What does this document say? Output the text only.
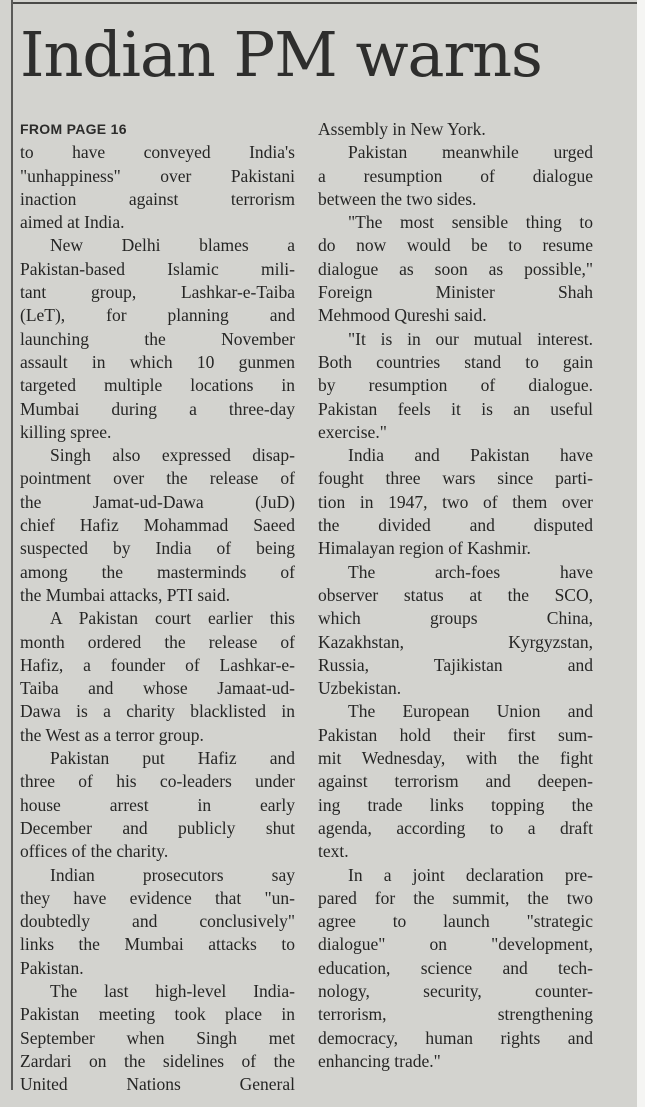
Indian PM warns
FROM PAGE 16
to have conveyed India's
"unhappiness" over Pakistani
inaction against terrorism
aimed at India.
New Delhi blames a
Pakistan-based Islamic mili-
tant group, Lashkar-e-Taiba
(LeT), for planning and
launching the November
assault in which 10 gunmen
targeted multiple locations in
Mumbai during a three-day
killing spree.
Singh also expressed disap-
pointment over the release of
the Jamat-ud-Dawa (JuD)
chief Hafiz Mohammad Saeed
suspected by India of being
among the masterminds of
the Mumbai attacks, PTI said.
A Pakistan court earlier this
month ordered the release of
Hafiz, a founder of Lashkar-e-
Taiba and whose Jamaat-ud-
Dawa is a charity blacklisted in
the West as a terror group.
Pakistan put Hafiz and
three of his co-leaders under
house arrest in early
December and publicly shut
offices of the charity.
Indian prosecutors say
they have evidence that "un-
doubtedly and conclusively"
links the Mumbai attacks to
Pakistan.
The last high-level India-
Pakistan meeting took place in
September when Singh met
Zardari on the sidelines of the
United Nations General
Assembly in New York.
Pakistan meanwhile urged
a resumption of dialogue
between the two sides.
"The most sensible thing to
do now would be to resume
dialogue as soon as possible,"
Foreign Minister Shah
Mehmood Qureshi said.
"It is in our mutual interest.
Both countries stand to gain
by resumption of dialogue.
Pakistan feels it is an useful
exercise."
India and Pakistan have
fought three wars since parti-
tion in 1947, two of them over
the divided and disputed
Himalayan region of Kashmir.
The arch-foes have
observer status at the SCO,
which groups China,
Kazakhstan, Kyrgyzstan,
Russia, Tajikistan and
Uzbekistan.
The European Union and
Pakistan hold their first sum-
mit Wednesday, with the fight
against terrorism and deepen-
ing trade links topping the
agenda, according to a draft
text.
In a joint declaration pre-
pared for the summit, the two
agree to launch "strategic
dialogue" on "development,
education, science and tech-
nology, security, counter-
terrorism, strengthening
democracy, human rights and
enhancing trade."
